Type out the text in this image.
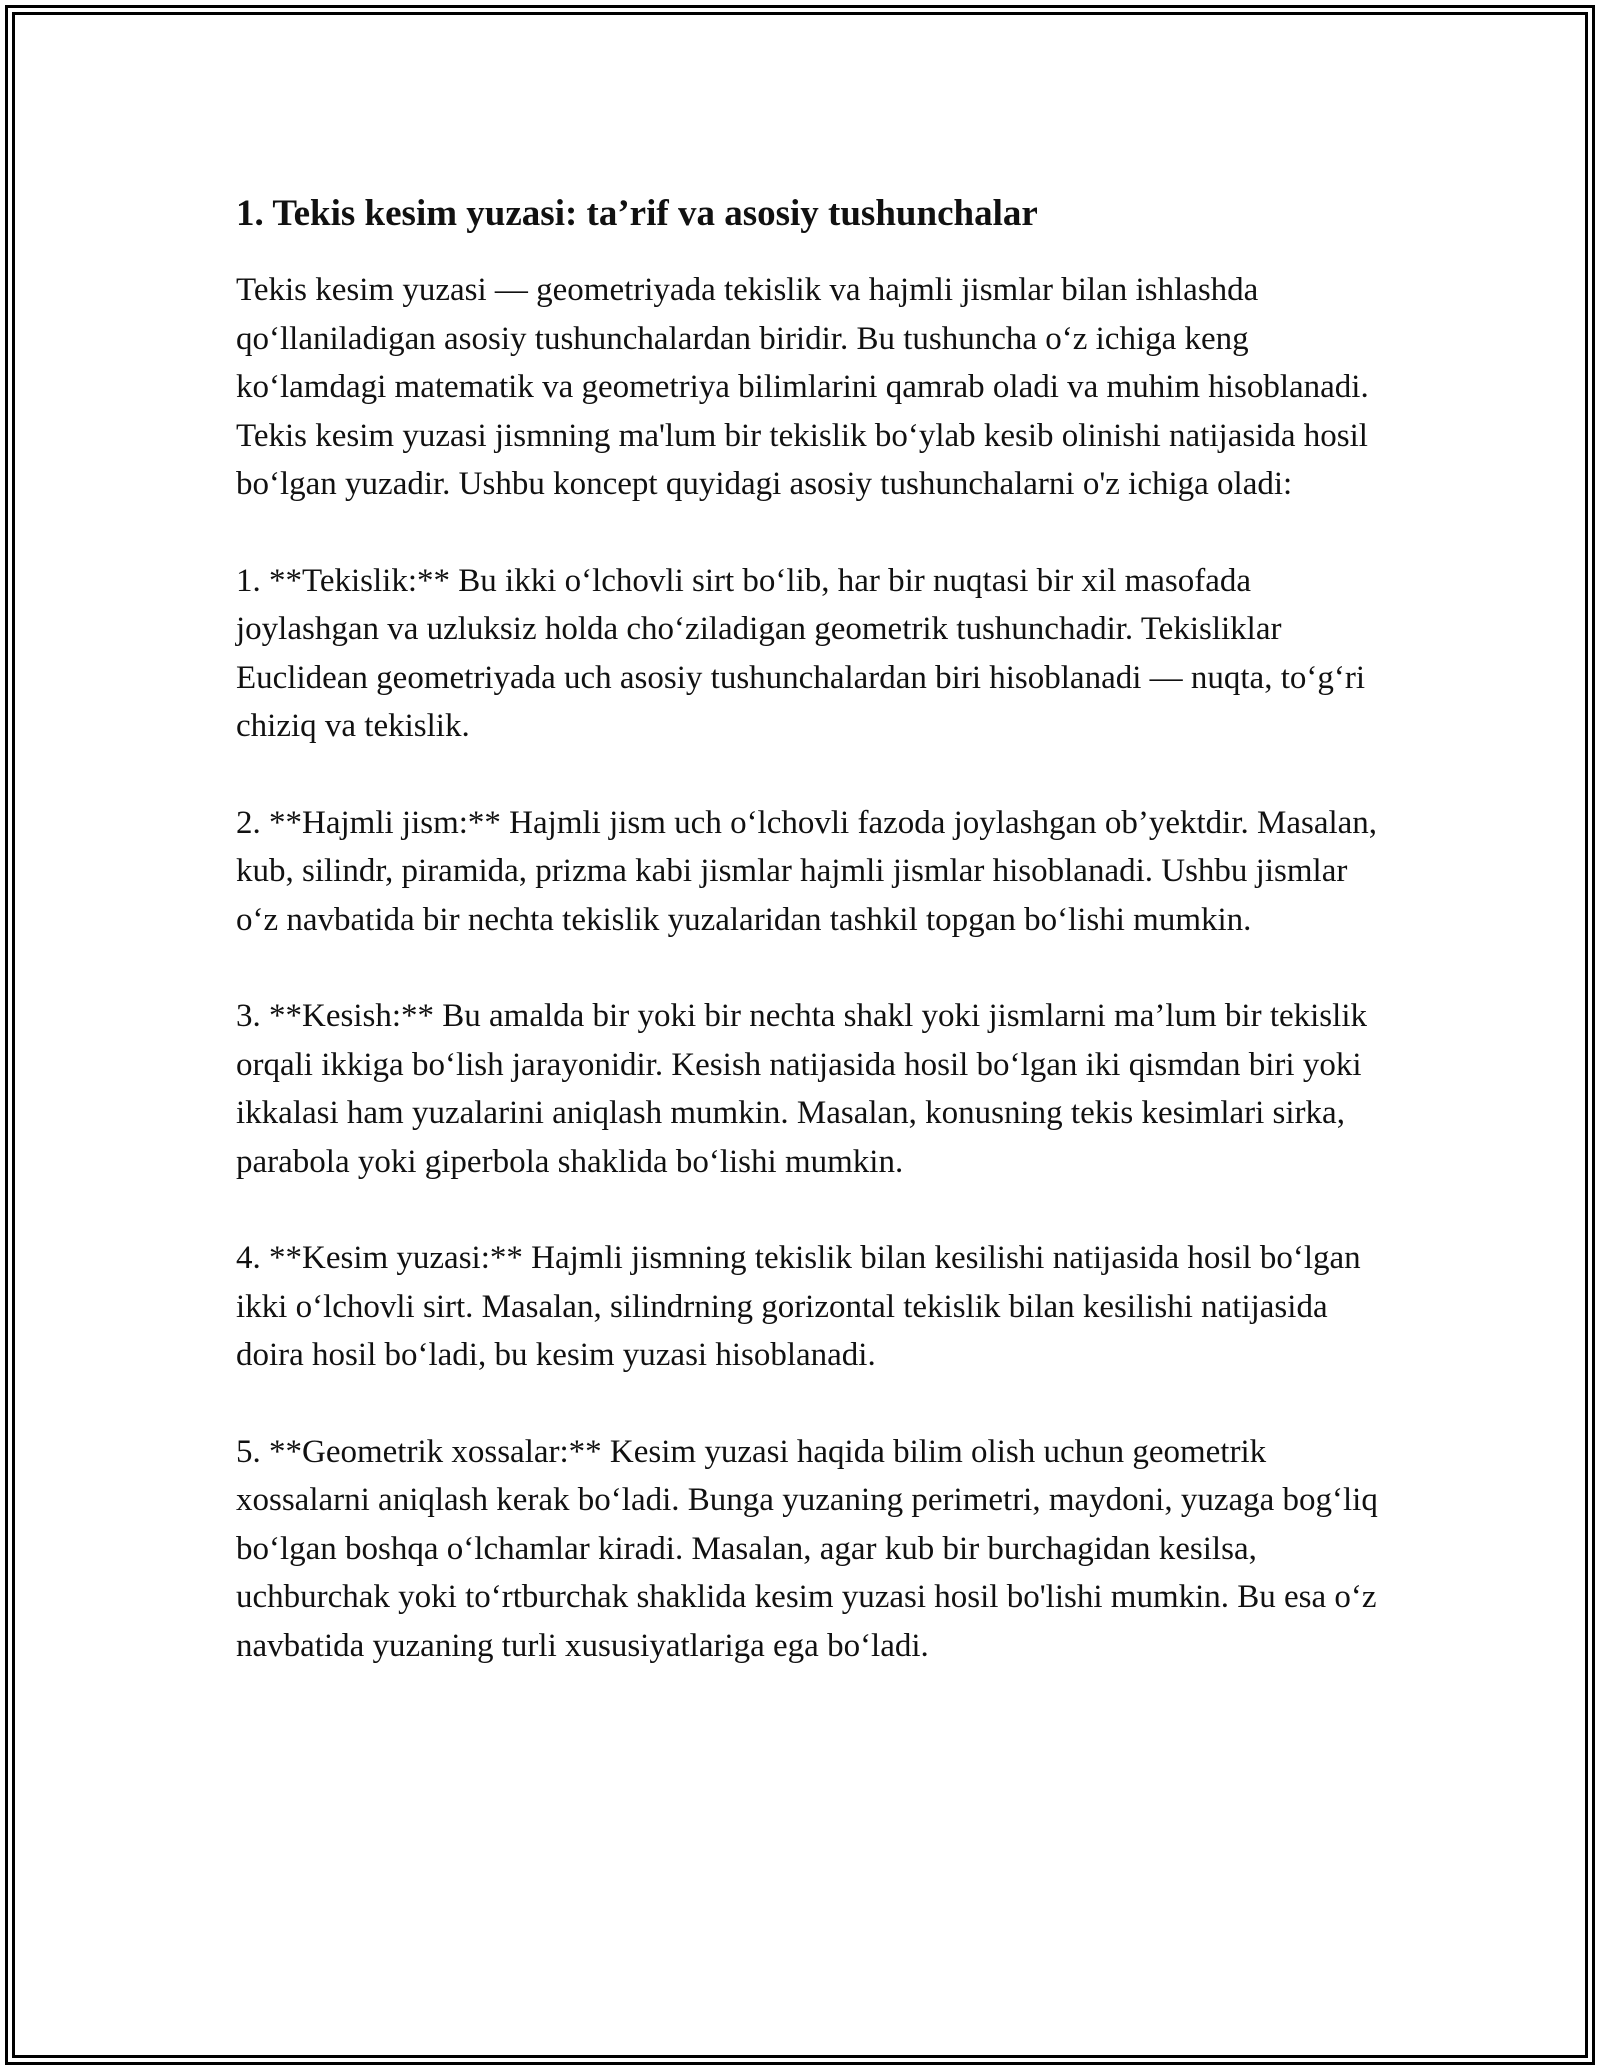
1. Tekis kesim yuzasi: ta’rif va asosiy tushunchalar

Tekis kesim yuzasi — geometriyada tekislik va hajmli jismlar bilan ishlashda qo‘llaniladigan asosiy tushunchalardan biridir. Bu tushuncha o‘z ichiga keng ko‘lamdagi matematik va geometriya bilimlarini qamrab oladi va muhim hisoblanadi. Tekis kesim yuzasi jismning ma'lum bir tekislik bo‘ylab kesib olinishi natijasida hosil bo‘lgan yuzadir. Ushbu koncept quyidagi asosiy tushunchalarni o'z ichiga oladi:

1. **Tekislik:** Bu ikki o‘lchovli sirt bo‘lib, har bir nuqtasi bir xil masofada joylashgan va uzluksiz holda cho‘ziladigan geometrik tushunchadir. Tekisliklar Euclidean geometriyada uch asosiy tushunchalardan biri hisoblanadi — nuqta, to‘g‘ri chiziq va tekislik.

2. **Hajmli jism:** Hajmli jism uch o‘lchovli fazoda joylashgan ob’yektdir. Masalan, kub, silindr, piramida, prizma kabi jismlar hajmli jismlar hisoblanadi. Ushbu jismlar o‘z navbatida bir nechta tekislik yuzalaridan tashkil topgan bo‘lishi mumkin.

3. **Kesish:** Bu amalda bir yoki bir nechta shakl yoki jismlarni ma’lum bir tekislik orqali ikkiga bo‘lish jarayonidir. Kesish natijasida hosil bo‘lgan iki qismdan biri yoki ikkalasi ham yuzalarini aniqlash mumkin. Masalan, konusning tekis kesimlari sirka, parabola yoki giperbola shaklida bo‘lishi mumkin.

4. **Kesim yuzasi:** Hajmli jismning tekislik bilan kesilishi natijasida hosil bo‘lgan ikki o‘lchovli sirt. Masalan, silindrning gorizontal tekislik bilan kesilishi natijasida doira hosil bo‘ladi, bu kesim yuzasi hisoblanadi.

5. **Geometrik xossalar:** Kesim yuzasi haqida bilim olish uchun geometrik xossalarni aniqlash kerak bo‘ladi. Bunga yuzaning perimetri, maydoni, yuzaga bog‘liq bo‘lgan boshqa o‘lchamlar kiradi. Masalan, agar kub bir burchagidan kesilsa, uchburchak yoki to‘rtburchak shaklida kesim yuzasi hosil bo'lishi mumkin. Bu esa o‘z navbatida yuzaning turli xususiyatlariga ega bo‘ladi.
